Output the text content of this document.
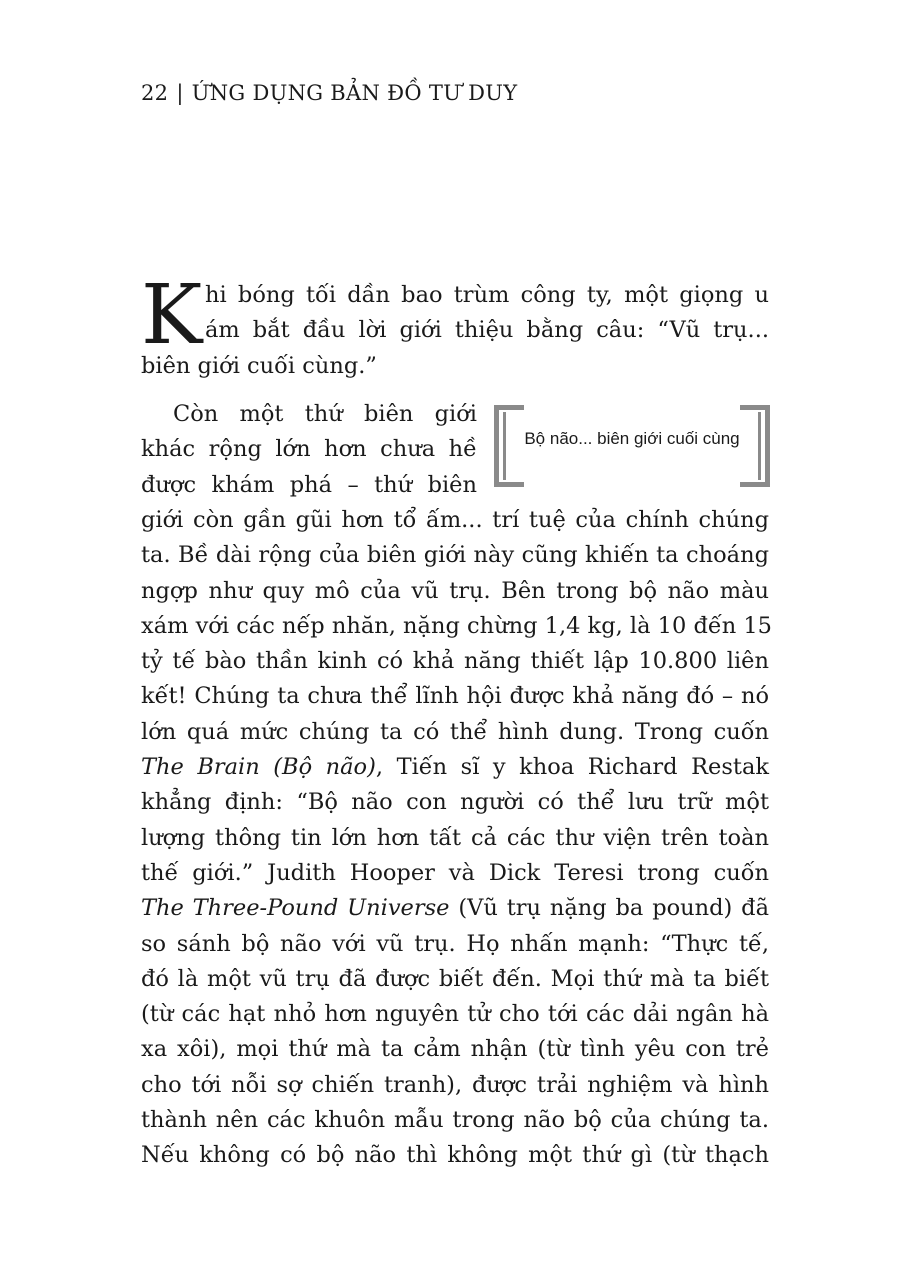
22 | ỨNG DỤNG BẢN ĐỒ TƯ DUY
K hi bóng tối dần bao trùm công ty, một giọng u
ám bắt đầu lời giới thiệu bằng câu: “Vũ trụ...
biên giới cuối cùng.”
Bộ não... biên giới cuối cùng
Còn một thứ biên giới
khác rộng lớn hơn chưa hề
được khám phá – thứ biên
giới còn gần gũi hơn tổ ấm... trí tuệ của chính chúng
ta. Bề dài rộng của biên giới này cũng khiến ta choáng
ngợp như quy mô của vũ trụ. Bên trong bộ não màu
xám với các nếp nhăn, nặng chừng 1,4 kg, là 10 đến 15
tỷ tế bào thần kinh có khả năng thiết lập 10.800 liên
kết! Chúng ta chưa thể lĩnh hội được khả năng đó – nó
lớn quá mức chúng ta có thể hình dung. Trong cuốn
The Brain (Bộ não), Tiến sĩ y khoa Richard Restak
khẳng định: “Bộ não con người có thể lưu trữ một
lượng thông tin lớn hơn tất cả các thư viện trên toàn
thế giới.” Judith Hooper và Dick Teresi trong cuốn
The Three-Pound Universe (Vũ trụ nặng ba pound) đã
so sánh bộ não với vũ trụ. Họ nhấn mạnh: “Thực tế,
đó là một vũ trụ đã được biết đến. Mọi thứ mà ta biết
(từ các hạt nhỏ hơn nguyên tử cho tới các dải ngân hà
xa xôi), mọi thứ mà ta cảm nhận (từ tình yêu con trẻ
cho tới nỗi sợ chiến tranh), được trải nghiệm và hình
thành nên các khuôn mẫu trong não bộ của chúng ta.
Nếu không có bộ não thì không một thứ gì (từ thạch
